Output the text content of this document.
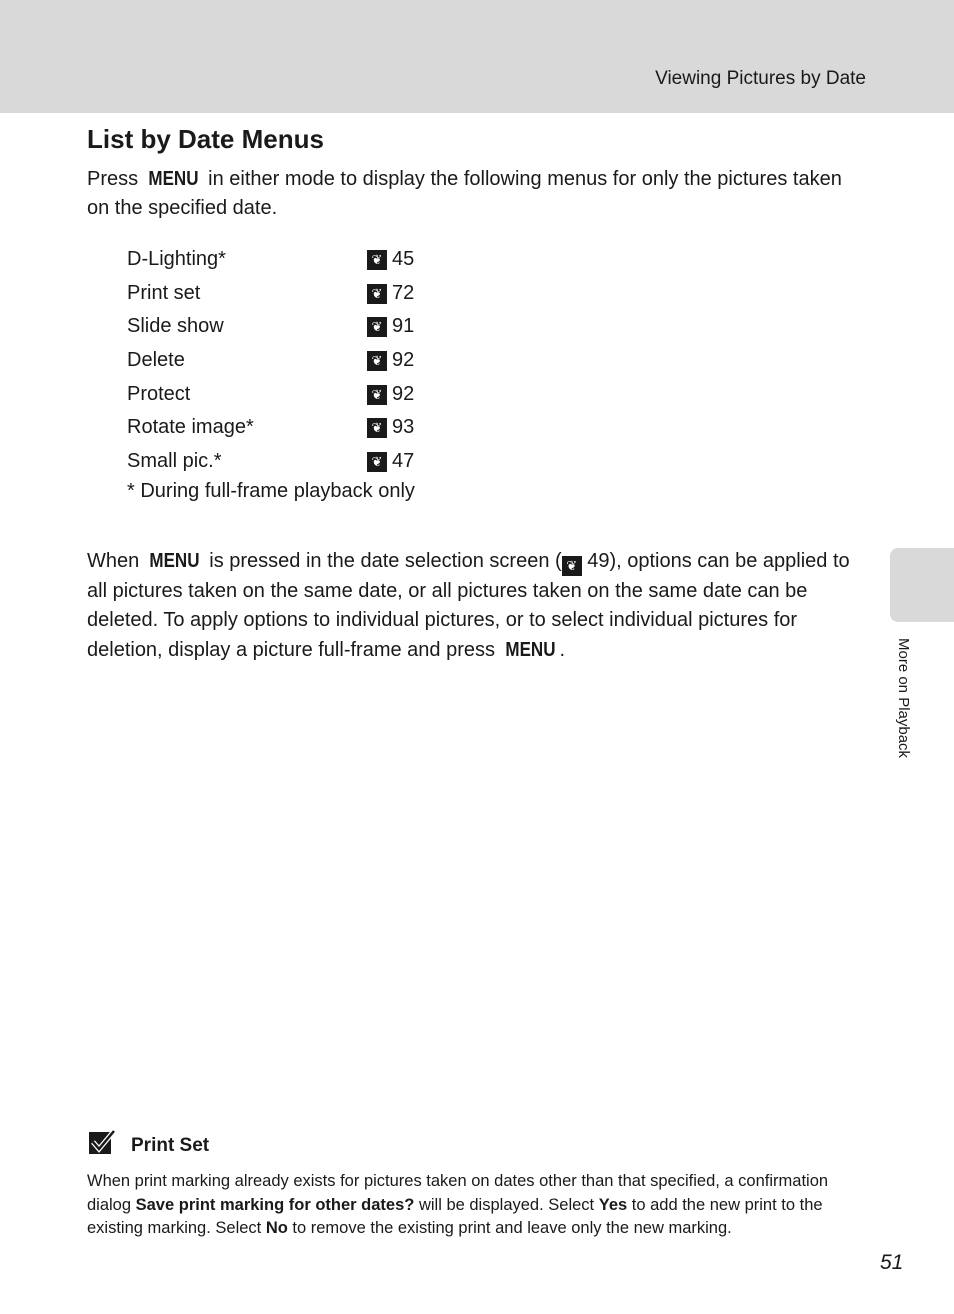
Viewing Pictures by Date
More on Playback
List by Date Menus

Press MENU in either mode to display the following menus for only the pictures taken on the specified date.

D-Lighting*	❦ 45
Print set	❦ 72
Slide show	❦ 91
Delete	❦ 92
Protect	❦ 92
Rotate image*	❦ 93
Small pic.*	❦ 47
* During full-frame playback only

When MENU is pressed in the date selection screen ( ❦ 49), options can be applied to all pictures taken on the same date, or all pictures taken on the same date can be deleted. To apply options to individual pictures, or to select individual pictures for deletion, display a picture full-frame and press MENU .

Print Set

When print marking already exists for pictures taken on dates other than that specified, a confirmation dialog Save print marking for other dates? will be displayed. Select Yes to add the new print to the existing marking. Select No to remove the existing print and leave only the new marking.

51
